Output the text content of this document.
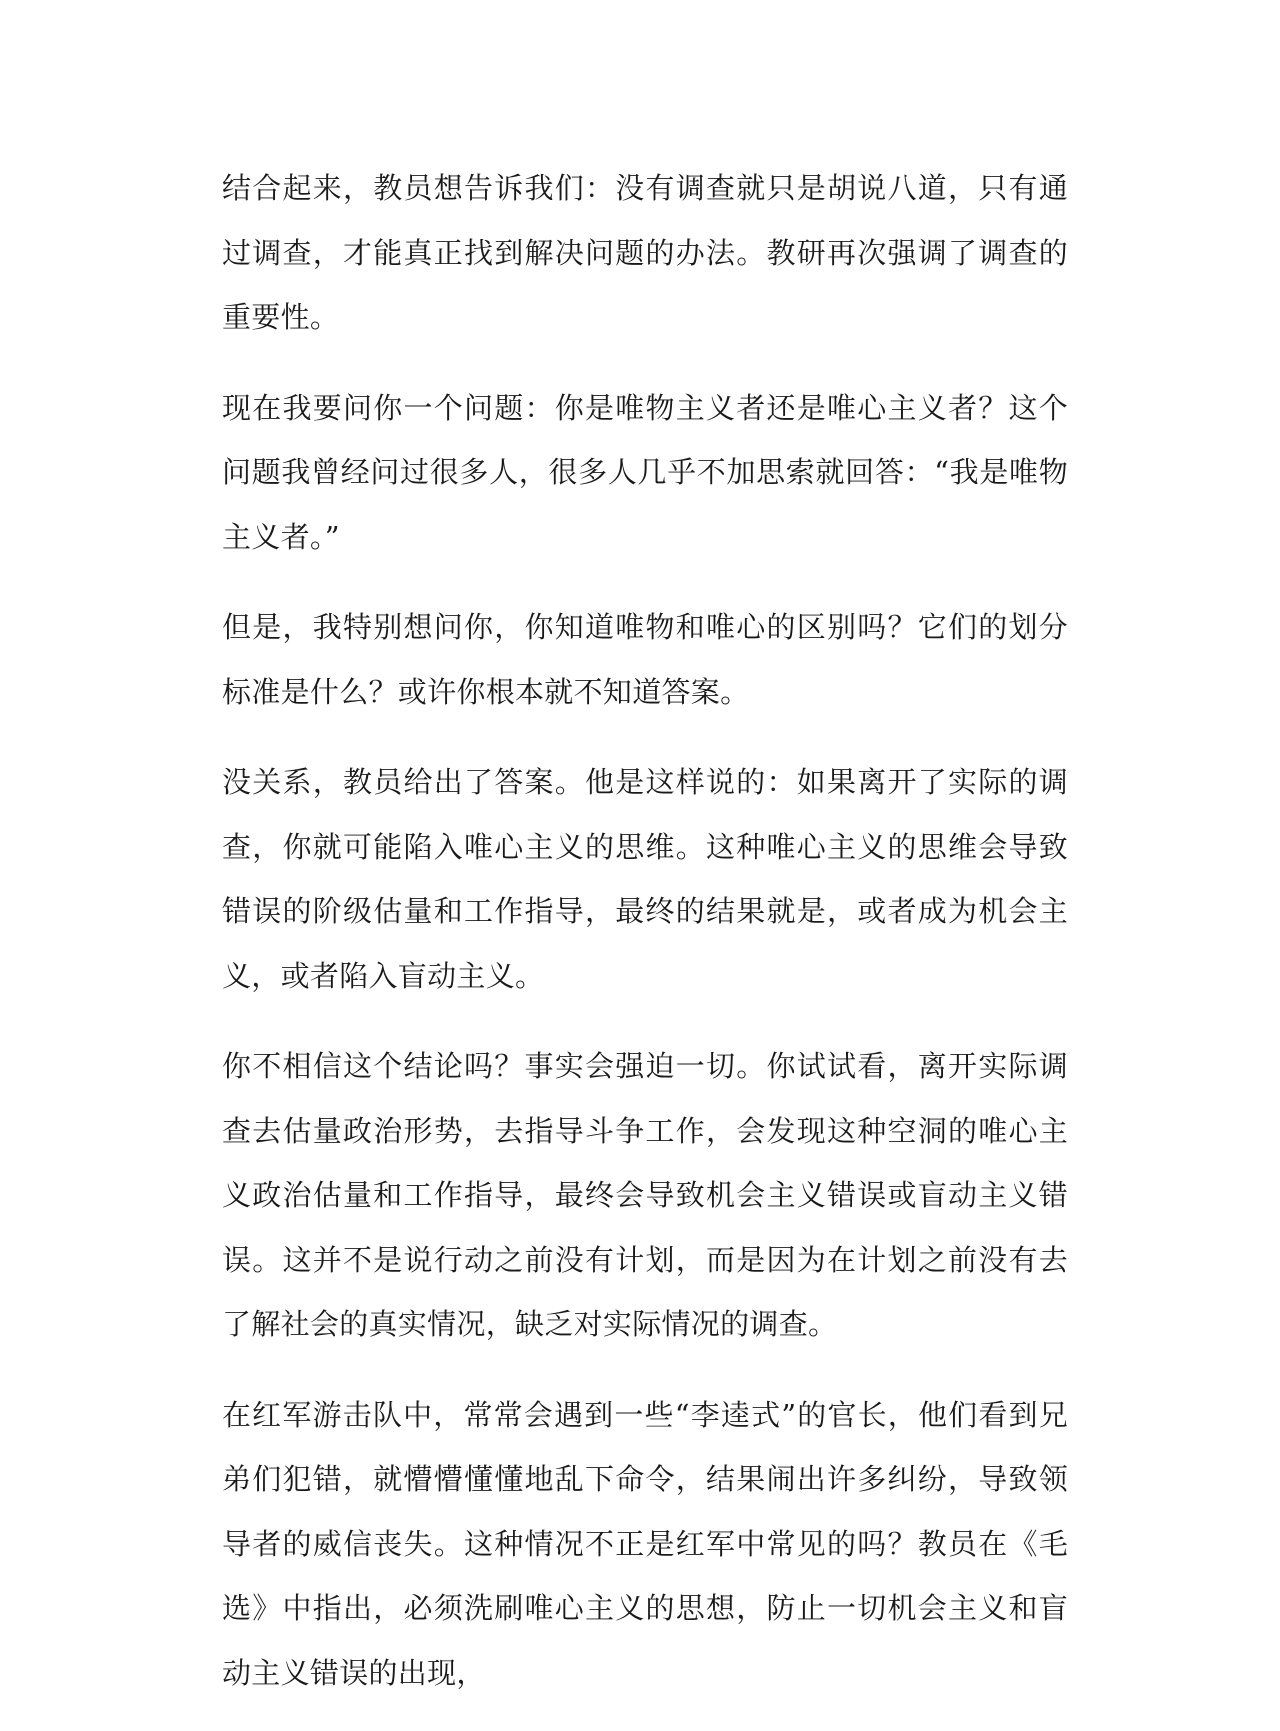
结合起来，教员想告诉我们：没有调查就只是胡说八道，只有通过调查，才能真正找到解决问题的办法。教研再次强调了调查的重要性。

现在我要问你一个问题：你是唯物主义者还是唯心主义者？这个问题我曾经问过很多人，很多人几乎不加思索就回答：“我是唯物主义者。”

但是，我特别想问你，你知道唯物和唯心的区别吗？它们的划分标准是什么？或许你根本就不知道答案。

没关系，教员给出了答案。他是这样说的：如果离开了实际的调查，你就可能陷入唯心主义的思维。这种唯心主义的思维会导致错误的阶级估量和工作指导，最终的结果就是，或者成为机会主义，或者陷入盲动主义。

你不相信这个结论吗？事实会强迫一切。你试试看，离开实际调查去估量政治形势，去指导斗争工作，会发现这种空洞的唯心主义政治估量和工作指导，最终会导致机会主义错误或盲动主义错误。这并不是说行动之前没有计划，而是因为在计划之前没有去了解社会的真实情况，缺乏对实际情况的调查。

在红军游击队中，常常会遇到一些“李逵式”的官长，他们看到兄弟们犯错，就懵懵懂懂地乱下命令，结果闹出许多纠纷，导致领导者的威信丧失。这种情况不正是红军中常见的吗？教员在《毛选》中指出，必须洗刷唯心主义的思想，防止一切机会主义和盲动主义错误的出现，
